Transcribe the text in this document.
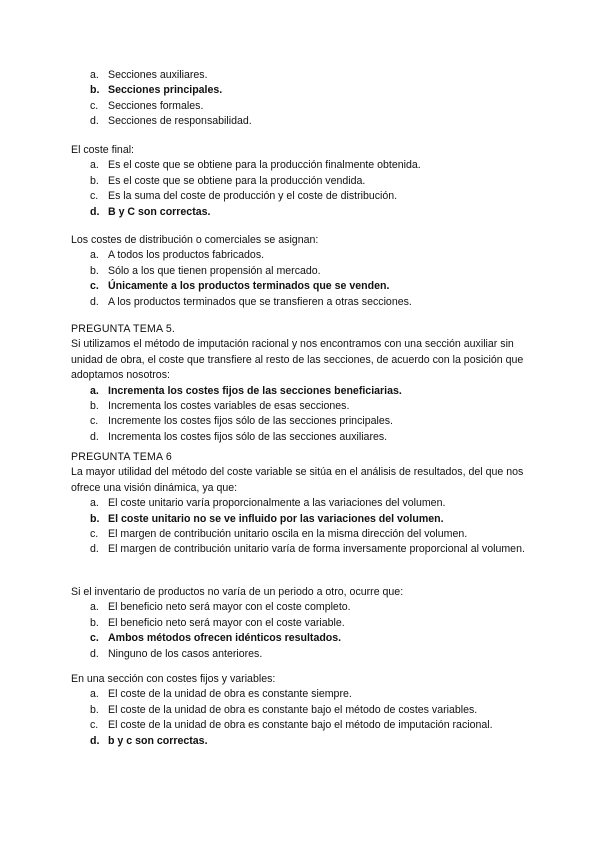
a. Secciones auxiliares.
b. Secciones principales.
c. Secciones formales.
d. Secciones de responsabilidad.

El coste final:

a. Es el coste que se obtiene para la producción finalmente obtenida.
b. Es el coste que se obtiene para la producción vendida.
c. Es la suma del coste de producción y el coste de distribución.
d. B y C son correctas.

Los costes de distribución o comerciales se asignan:

a. A todos los productos fabricados.
b. Sólo a los que tienen propensión al mercado.
c. Únicamente a los productos terminados que se venden.
d. A los productos terminados que se transfieren a otras secciones.

PREGUNTA TEMA 5.

Si utilizamos el método de imputación racional y nos encontramos con una sección auxiliar sin unidad de obra, el coste que transfiere al resto de las secciones, de acuerdo con la posición que adoptamos nosotros:

a. Incrementa los costes fijos de las secciones beneficiarias.
b. Incrementa los costes variables de esas secciones.
c. Incremente los costes fijos sólo de las secciones principales.
d. Incrementa los costes fijos sólo de las secciones auxiliares.

PREGUNTA TEMA 6

La mayor utilidad del método del coste variable se sitúa en el análisis de resultados, del que nos ofrece una visión dinámica, ya que:

a. El coste unitario varía proporcionalmente a las variaciones del volumen.
b. El coste unitario no se ve influido por las variaciones del volumen.
c. El margen de contribución unitario oscila en la misma dirección del volumen.
d. El margen de contribución unitario varía de forma inversamente proporcional al volumen.

Si el inventario de productos no varía de un periodo a otro, ocurre que:

a. El beneficio neto será mayor con el coste completo.
b. El beneficio neto será mayor con el coste variable.
c. Ambos métodos ofrecen idénticos resultados.
d. Ninguno de los casos anteriores.

En una sección con costes fijos y variables:

a. El coste de la unidad de obra es constante siempre.
b. El coste de la unidad de obra es constante bajo el método de costes variables.
c. El coste de la unidad de obra es constante bajo el método de imputación racional.
d. b y c son correctas.
